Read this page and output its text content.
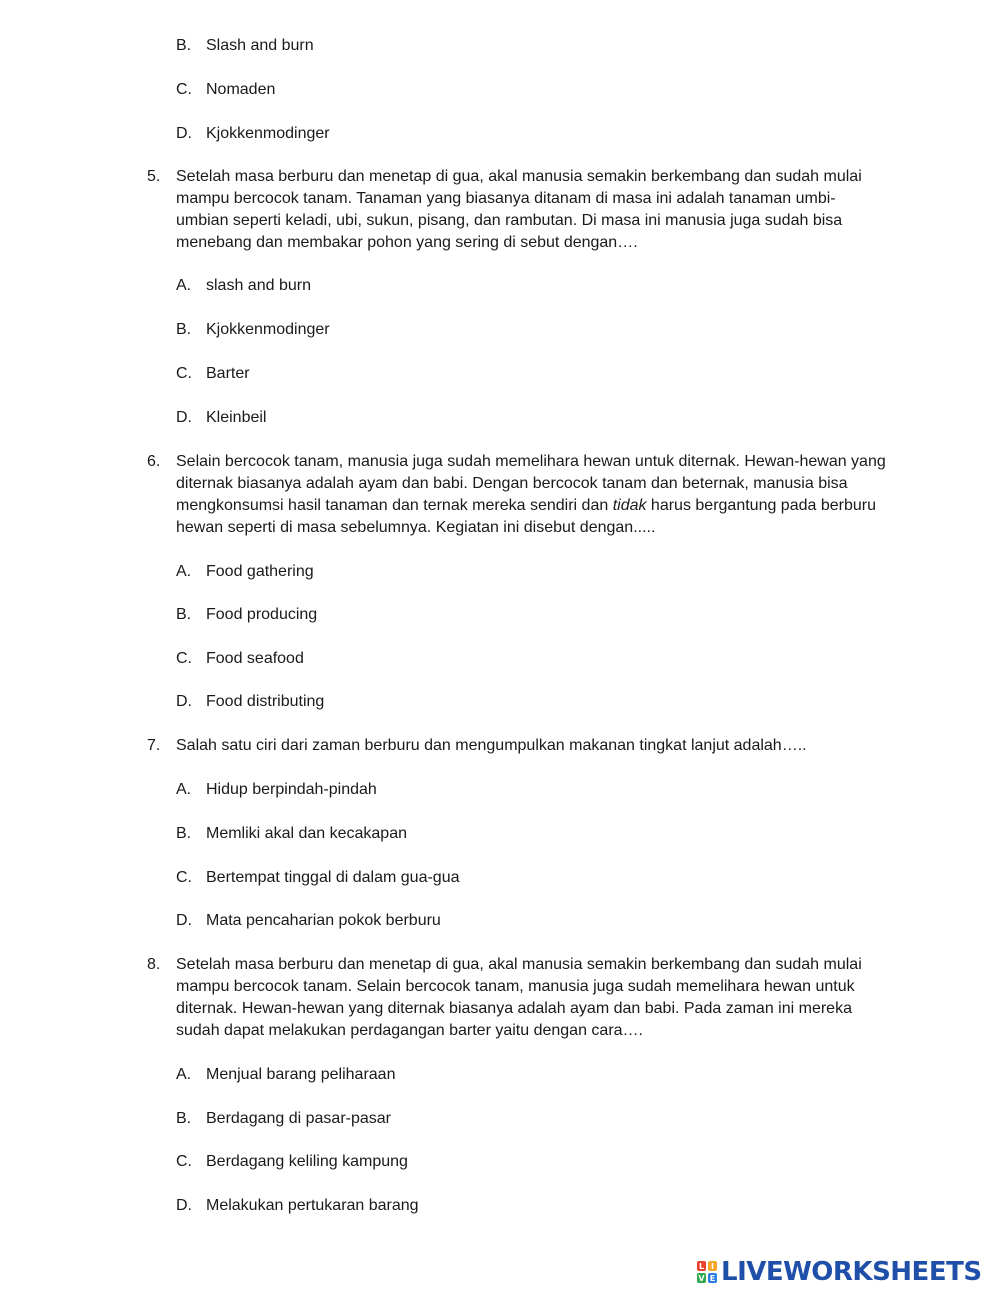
B. Slash and burn
C. Nomaden
D. Kjokkenmodinger
5. Setelah masa berburu dan menetap di gua, akal manusia semakin berkembang dan sudah mulai mampu bercocok tanam. Tanaman yang biasanya ditanam di masa ini adalah tanaman umbi-umbian seperti keladi, ubi, sukun, pisang, dan rambutan. Di masa ini manusia juga sudah bisa menebang dan membakar pohon yang sering di sebut dengan….
A. slash and burn
B. Kjokkenmodinger
C. Barter
D. Kleinbeil
6. Selain bercocok tanam, manusia juga sudah memelihara hewan untuk diternak. Hewan-hewan yang diternak biasanya adalah ayam dan babi. Dengan bercocok tanam dan beternak, manusia bisa mengkonsumsi hasil tanaman dan ternak mereka sendiri dan tidak harus bergantung pada berburu hewan seperti di masa sebelumnya. Kegiatan ini disebut dengan.....
A. Food gathering
B. Food producing
C. Food seafood
D. Food distributing
7. Salah satu ciri dari zaman berburu dan mengumpulkan makanan tingkat lanjut adalah…..
A. Hidup berpindah-pindah
B. Memliki akal dan kecakapan
C. Bertempat tinggal di dalam gua-gua
D. Mata pencaharian pokok berburu
8. Setelah masa berburu dan menetap di gua, akal manusia semakin berkembang dan sudah mulai mampu bercocok tanam. Selain bercocok tanam, manusia juga sudah memelihara hewan untuk diternak. Hewan-hewan yang diternak biasanya adalah ayam dan babi. Pada zaman ini mereka sudah dapat melakukan perdagangan barter yaitu dengan cara….
A. Menjual barang peliharaan
B. Berdagang di pasar-pasar
C. Berdagang keliling kampung
D. Melakukan pertukaran barang
L I
V E LIVEWORKSHEETS
